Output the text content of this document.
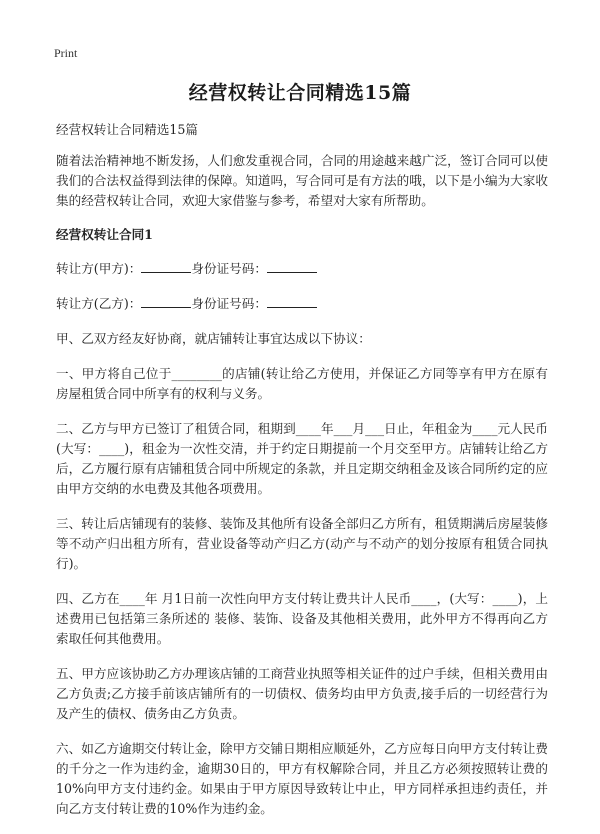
Print
经营权转让合同精选15篇

经营权转让合同精选15篇

随着法治精神地不断发扬，人们愈发重视合同，合同的用途越来越广泛，签订合同可以使我们的合法权益得到法律的保障。知道吗，写合同可是有方法的哦，以下是小编为大家收集的经营权转让合同，欢迎大家借鉴与参考，希望对大家有所帮助。

经营权转让合同1

转让方(甲方)：	身份证号码：

转让方(乙方)：	身份证号码：

甲、乙双方经友好协商，就店铺转让事宜达成以下协议：

一、甲方将自己位于________的店铺(转让给乙方使用，并保证乙方同等享有甲方在原有房屋租赁合同中所享有的权利与义务。

二、乙方与甲方已签订了租赁合同，租期到____年___月___日止，年租金为____元人民币(大写：____)，租金为一次性交清，并于约定日期提前一个月交至甲方。店铺转让给乙方后，乙方履行原有店铺租赁合同中所规定的条款，并且定期交纳租金及该合同所约定的应由甲方交纳的水电费及其他各项费用。

三、转让后店铺现有的装修、装饰及其他所有设备全部归乙方所有，租赁期满后房屋装修等不动产归出租方所有，营业设备等动产归乙方(动产与不动产的划分按原有租赁合同执行)。

四、乙方在____年 月1日前一次性向甲方支付转让费共计人民币____，(大写：____)，上述费用已包括第三条所述的 装修、装饰、设备及其他相关费用，此外甲方不得再向乙方索取任何其他费用。

五、甲方应该协助乙方办理该店铺的工商营业执照等相关证件的过户手续，但相关费用由乙方负责;乙方接手前该店铺所有的一切债权、债务均由甲方负责,接手后的一切经营行为及产生的债权、债务由乙方负责。

六、如乙方逾期交付转让金，除甲方交铺日期相应顺延外，乙方应每日向甲方支付转让费的千分之一作为违约金，逾期30日的，甲方有权解除合同，并且乙方必须按照转让费的10%向甲方支付违约金。如果由于甲方原因导致转让中止，甲方同样承担违约责任，并向乙方支付转让费的10%作为违约金。
